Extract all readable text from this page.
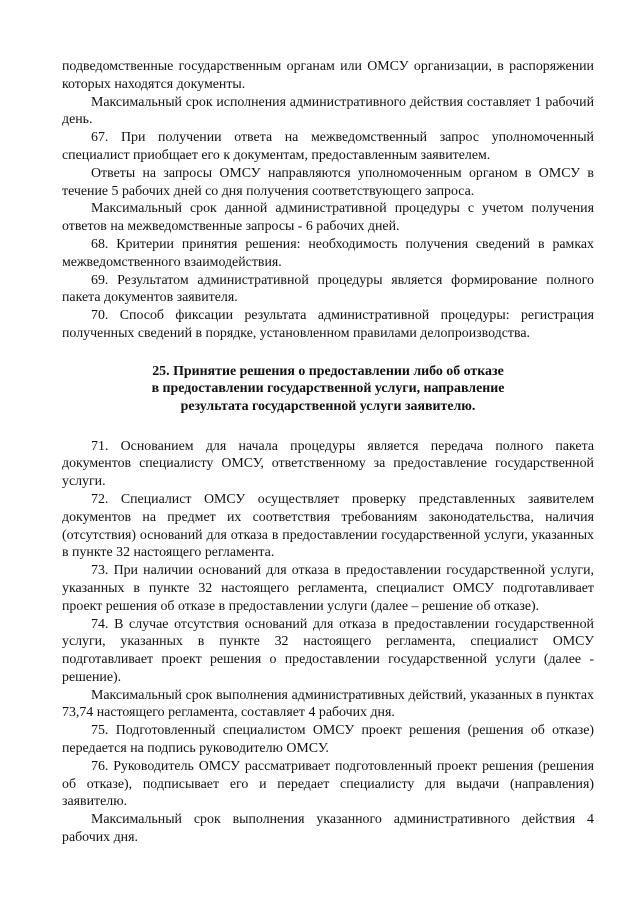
подведомственные государственным органам или ОМСУ организации, в распоряжении которых находятся документы.

Максимальный срок исполнения административного действия составляет 1 рабочий день.

67. При получении ответа на межведомственный запрос уполномоченный специалист приобщает его к документам, предоставленным заявителем.

Ответы на запросы ОМСУ направляются уполномоченным органом в ОМСУ в течение 5 рабочих дней со дня получения соответствующего запроса.

Максимальный срок данной административной процедуры с учетом получения ответов на межведомственные запросы - 6 рабочих дней.

68. Критерии принятия решения: необходимость получения сведений в рамках межведомственного взаимодействия.

69. Результатом административной процедуры является формирование полного пакета документов заявителя.

70. Способ фиксации результата административной процедуры: регистрация полученных сведений в порядке, установленном правилами делопроизводства.

25. Принятие решения о предоставлении либо об отказе
в предоставлении государственной услуги, направление
результата государственной услуги заявителю.

71. Основанием для начала процедуры является передача полного пакета документов специалисту ОМСУ, ответственному за предоставление государственной услуги.

72. Специалист ОМСУ осуществляет проверку представленных заявителем документов на предмет их соответствия требованиям законодательства, наличия (отсутствия) оснований для отказа в предоставлении государственной услуги, указанных в пункте 32 настоящего регламента.

73. При наличии оснований для отказа в предоставлении государственной услуги, указанных в пункте 32 настоящего регламента, специалист ОМСУ подготавливает проект решения об отказе в предоставлении услуги (далее – решение об отказе).

74. В случае отсутствия оснований для отказа в предоставлении государственной услуги, указанных в пункте 32 настоящего регламента, специалист ОМСУ подготавливает проект решения о предоставлении государственной услуги (далее - решение).

Максимальный срок выполнения административных действий, указанных в пунктах 73,74 настоящего регламента, составляет 4 рабочих дня.

75. Подготовленный специалистом ОМСУ проект решения (решения об отказе) передается на подпись руководителю ОМСУ.

76. Руководитель ОМСУ рассматривает подготовленный проект решения (решения об отказе), подписывает его и передает специалисту для выдачи (направления) заявителю.

Максимальный срок выполнения указанного административного действия 4 рабочих дня.
